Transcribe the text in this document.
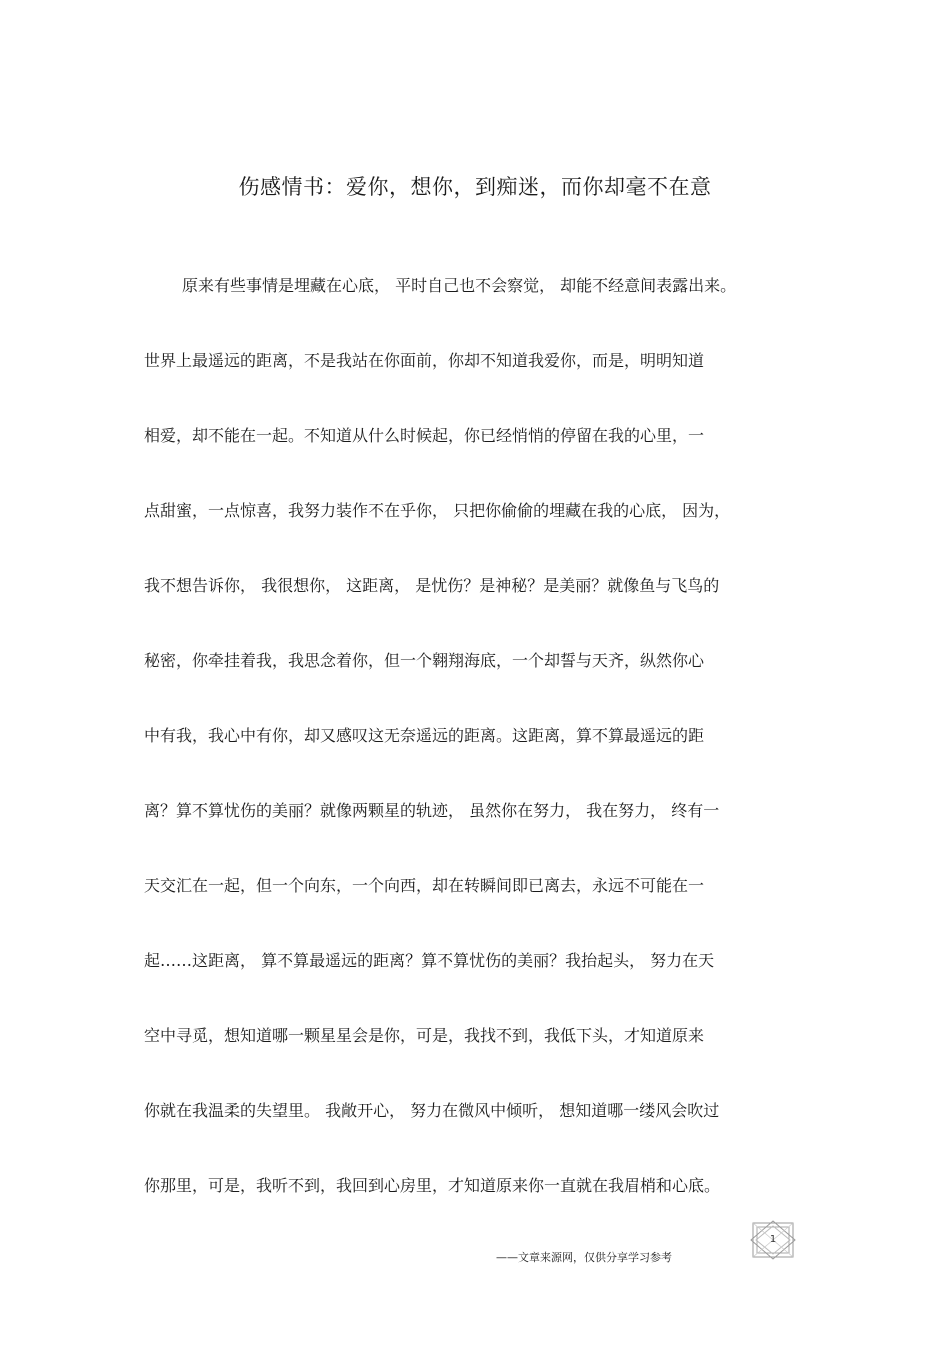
伤感情书：爱你，想你，到痴迷，而你却毫不在意
原来有些事情是埋藏在心底， 平时自己也不会察觉， 却能不经意间表露出来。
世界上最遥远的距离，不是我站在你面前，你却不知道我爱你，而是，明明知道
相爱，却不能在一起。不知道从什么时候起，你已经悄悄的停留在我的心里，一
点甜蜜，一点惊喜，我努力装作不在乎你， 只把你偷偷的埋藏在我的心底， 因为，
我不想告诉你， 我很想你， 这距离， 是忧伤？是神秘？是美丽？就像鱼与飞鸟的
秘密，你牵挂着我，我思念着你，但一个翱翔海底，一个却誓与天齐，纵然你心
中有我，我心中有你，却又感叹这无奈遥远的距离。这距离，算不算最遥远的距
离？算不算忧伤的美丽？就像两颗星的轨迹， 虽然你在努力， 我在努力， 终有一
天交汇在一起，但一个向东，一个向西，却在转瞬间即已离去，永远不可能在一
起……这距离， 算不算最遥远的距离？算不算忧伤的美丽？我抬起头， 努力在天
空中寻觅，想知道哪一颗星星会是你，可是，我找不到，我低下头，才知道原来
你就在我温柔的失望里。 我敞开心， 努力在微风中倾听， 想知道哪一缕风会吹过
你那里，可是，我听不到，我回到心房里，才知道原来你一直就在我眉梢和心底。
1
——文章来源网，仅供分享学习参考
